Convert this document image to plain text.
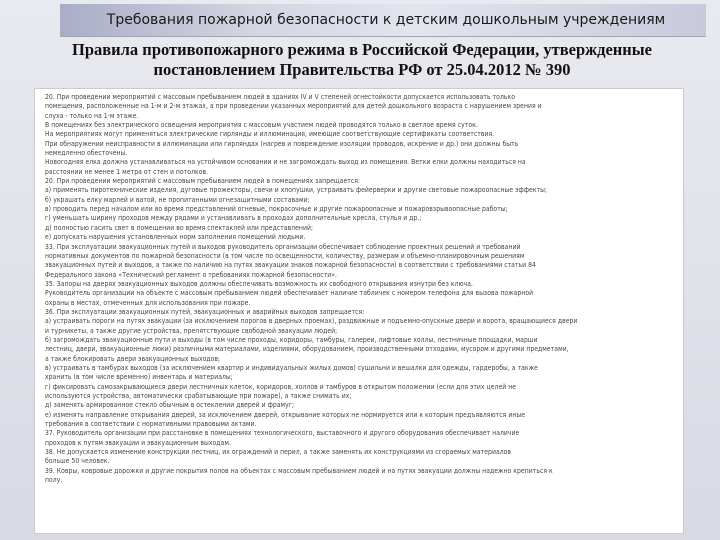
Требования пожарной безопасности к детским дошкольным учреждениям
Правила противопожарного режима в Российской Федерации, утвержденные
постановлением Правительства РФ от 25.04.2012 № 390
20. При проведении мероприятий с массовым пребыванием людей в зданиях IV и V степеней огнестойкости допускается использовать только
помещения, расположенные на 1-м и 2-м этажах, а при проведении указанных мероприятий для детей дошкольного возраста с нарушением зрения и
слуха - только на 1-м этаже.
В помещениях без электрического освещения мероприятия с массовым участием людей проводятся только в светлое время суток.
На мероприятиях могут применяться электрические гирлянды и иллюминация, имеющие соответствующие сертификаты соответствия.
При обнаружении неисправности в иллюминации или гирляндах (нагрев и повреждение изоляции проводов, искрение и др.) они должны быть
немедленно обесточены.
Новогодняя елка должна устанавливаться на устойчивом основании и не загромождать выход из помещения. Ветки елки должны находиться на
расстоянии не менее 1 метра от стен и потолков.
20. При проведении мероприятий с массовым пребыванием людей в помещениях запрещается:
а) применять пиротехнические изделия, дуговые прожекторы, свечи и хлопушки, устраивать фейерверки и другие световые пожароопасные эффекты;
б) украшать елку марлей и ватой, не пропитанными огнезащитными составами;
в) проводить перед началом или во время представлений огневые, покрасочные и другие пожароопасные и пожаровзрывоопасные работы;
г) уменьшать ширину проходов между рядами и устанавливать в проходах дополнительные кресла, стулья и др.;
д) полностью гасить свет в помещении во время спектаклей или представлений;
е) допускать нарушения установленных норм заполнения помещений людьми.
33. При эксплуатации эвакуационных путей и выходов руководитель организации обеспечивает соблюдение проектных решений и требований
нормативных документов по пожарной безопасности (в том числе по освещенности, количеству, размерам и объемно-планировочным решениям
эвакуационных путей и выходов, а также по наличию на путях эвакуации знаков пожарной безопасности) в соответствии с требованиями статьи 84
Федерального закона «Технический регламент о требованиях пожарной безопасности».
35. Запоры на дверях эвакуационных выходов должны обеспечивать возможность их свободного открывания изнутри без ключа.
Руководитель организации на объекте с массовым пребыванием людей обеспечивает наличие табличек с номером телефона для вызова пожарной
охраны в местах, отмеченных для использования при пожаре.
36. При эксплуатации эвакуационных путей, эвакуационных и аварийных выходов запрещается:
а) устраивать пороги на путях эвакуации (за исключением порогов в дверных проемах), раздвижные и подъемно-опускные двери и ворота, вращающиеся двери
и турникеты, а также другие устройства, препятствующие свободной эвакуации людей;
б) загромождать эвакуационные пути и выходы (в том числе проходы, коридоры, тамбуры, галереи, лифтовые холлы, лестничные площадки, марши
лестниц, двери, эвакуационные люки) различными материалами, изделиями, оборудованием, производственными отходами, мусором и другими предметами,
а также блокировать двери эвакуационных выходов;
в) устраивать в тамбурах выходов (за исключением квартир и индивидуальных жилых домов) сушильни и вешалки для одежды, гардеробы, а также
хранить (в том числе временно) инвентарь и материалы;
г) фиксировать самозакрывающиеся двери лестничных клеток, коридоров, холлов и тамбуров в открытом положении (если для этих целей не
используются устройства, автоматически срабатывающие при пожаре), а также снимать их;
д) заменять армированное стекло обычным в остеклении дверей и фрамуг;
е) изменять направление открывания дверей, за исключением дверей, открывание которых не нормируется или к которым предъявляются иные
требования в соответствии с нормативными правовыми актами.
37. Руководитель организации при расстановке в помещениях технологического, выставочного и другого оборудования обеспечивает наличие
проходов к путям эвакуации и эвакуационным выходам.
38. Не допускается изменение конструкции лестниц, их ограждений и перил, а также заменять их конструкциями из сгораемых материалов
больше 50 человек.
39. Ковры, ковровые дорожки и другие покрытия полов на объектах с массовым пребыванием людей и на путях эвакуации должны надежно крепиться к
полу.
